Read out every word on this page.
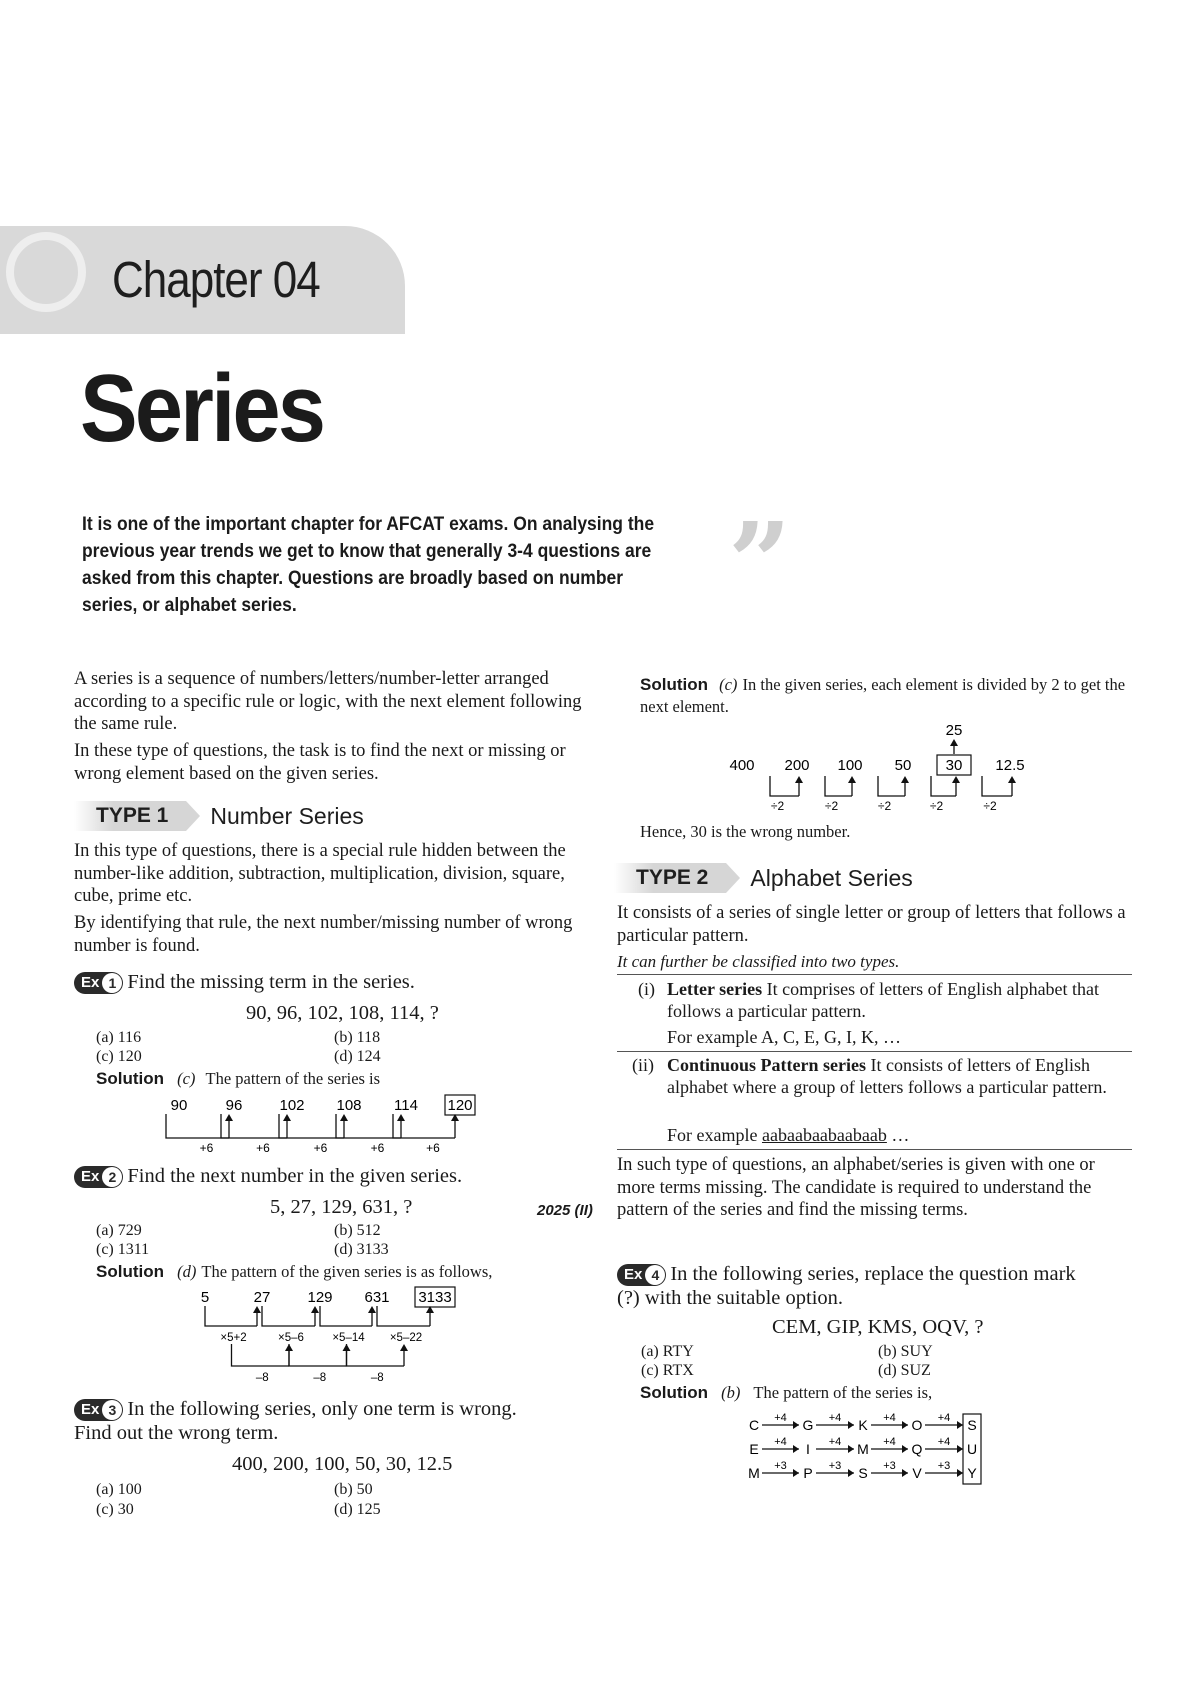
Chapter 04
Series
It is one of the important chapter for AFCAT exams. On analysing the previous year trends we get to know that generally 3-4 questions are asked from this chapter. Questions are broadly based on number series, or alphabet series.	”
A series is a sequence of numbers/letters/number-letter arranged according to a specific rule or logic, with the next element following the same rule.
In these type of questions, the task is to find the next or missing or wrong element based on the given series.
TYPE 1 Number Series
In this type of questions, there is a special rule hidden between the number-like addition, subtraction, multiplication, division, square, cube, prime etc.
By identifying that rule, the next number/missing number of wrong number is found.
Ex 1 Find the missing term in the series.
90, 96, 102, 108, 114, ?
(a) 116	(b) 118
(c) 120	(d) 124
Solution (c) The pattern of the series is
90	96 102 108 114 120
+6	+6	+6	+6	+6
Ex 2 Find the next number in the given series.
5, 27, 129, 631, ?	2025 (II)
(a) 729	(b) 512
(c) 1311	(d) 3133
Solution (d) The pattern of the given series is as follows,
5	27 129 631 3133
×5+2	×5–6 ×5–14 ×5–22
–8	–8	–8
Ex 3 In the following series, only one term is wrong.
Find out the wrong term.
400, 200, 100, 50, 30, 12.5
(a) 100	(b) 50
(c) 30	(d) 125
Solution (c) In the given series, each element is divided by 2 to get the next element.
25
400 200 100 50 30 12.5
÷2	÷2	÷2	÷2	÷2
Hence, 30 is the wrong number.
TYPE 2 Alphabet Series
It consists of a series of single letter or group of letters that follows a particular pattern.
It can further be classified into two types.
(i) Letter series It comprises of letters of English alphabet that follows a particular pattern.
For example A, C, E, G, I, K, …
(ii) Continuous Pattern series It consists of letters of English alphabet where a group of letters follows a particular pattern.
For example aabaabaabaabaab …
In such type of questions, an alphabet/series is given with one or more terms missing. The candidate is required to understand the pattern of the series and find the missing terms.
Ex 4 In the following series, replace the question mark
(?) with the suitable option.
CEM, GIP, KMS, OQV, ?
(a) RTY	(b) SUY
(c) RTX	(d) SUZ
Solution (b) The pattern of the series is,
C	G	K	O	S
+4	+4	+4	+4
E	I	M	Q	U
+4	+4	+4	+4
M	P	S	V	Y
+3	+3	+3	+3
